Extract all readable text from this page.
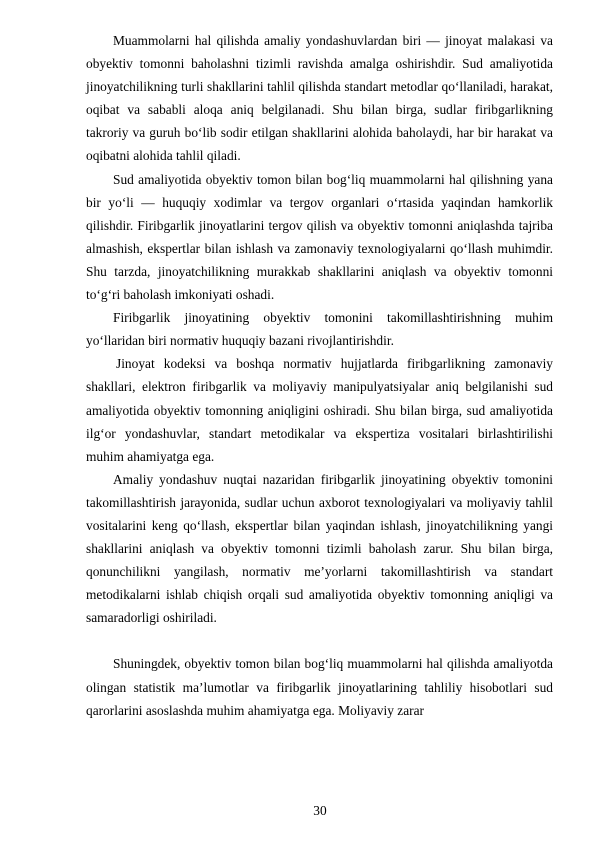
Muammolarni hal qilishda amaliy yondashuvlardan biri — jinoyat malakasi va obyektiv tomonni baholashni tizimli ravishda amalga oshirishdir. Sud amaliyotida jinoyatchilikning turli shakllarini tahlil qilishda standart metodlar qo‘llaniladi, harakat, oqibat va sababli aloqa aniq belgilanadi. Shu bilan birga, sudlar firibgarlikning takroriy va guruh bo‘lib sodir etilgan shakllarini alohida baholaydi, har bir harakat va oqibatni alohida tahlil qiladi.

Sud amaliyotida obyektiv tomon bilan bog‘liq muammolarni hal qilishning yana bir yo‘li — huquqiy xodimlar va tergov organlari o‘rtasida yaqindan hamkorlik qilishdir. Firibgarlik jinoyatlarini tergov qilish va obyektiv tomonni aniqlashda tajriba almashish, ekspertlar bilan ishlash va zamonaviy texnologiyalarni qo‘llash muhimdir. Shu tarzda, jinoyatchilikning murakkab shakllarini aniqlash va obyektiv tomonni to‘g‘ri baholash imkoniyati oshadi.

Firibgarlik jinoyatining obyektiv tomonini takomillashtirishning muhim yo‘llaridan biri normativ huquqiy bazani rivojlantirishdir.

Jinoyat kodeksi va boshqa normativ hujjatlarda firibgarlikning zamonaviy shakllari, elektron firibgarlik va moliyaviy manipulyatsiyalar aniq belgilanishi sud amaliyotida obyektiv tomonning aniqligini oshiradi. Shu bilan birga, sud amaliyotida ilg‘or yondashuvlar, standart metodikalar va ekspertiza vositalari birlashtirilishi muhim ahamiyatga ega.

Amaliy yondashuv nuqtai nazaridan firibgarlik jinoyatining obyektiv tomonini takomillashtirish jarayonida, sudlar uchun axborot texnologiyalari va moliyaviy tahlil vositalarini keng qo‘llash, ekspertlar bilan yaqindan ishlash, jinoyatchilikning yangi shakllarini aniqlash va obyektiv tomonni tizimli baholash zarur. Shu bilan birga, qonunchilikni yangilash, normativ me’yorlarni takomillashtirish va standart metodikalarni ishlab chiqish orqali sud amaliyotida obyektiv tomonning aniqligi va samaradorligi oshiriladi.

Shuningdek, obyektiv tomon bilan bog‘liq muammolarni hal qilishda amaliyotda olingan statistik ma’lumotlar va firibgarlik jinoyatlarining tahliliy hisobotlari sud qarorlarini asoslashda muhim ahamiyatga ega. Moliyaviy zarar

30
